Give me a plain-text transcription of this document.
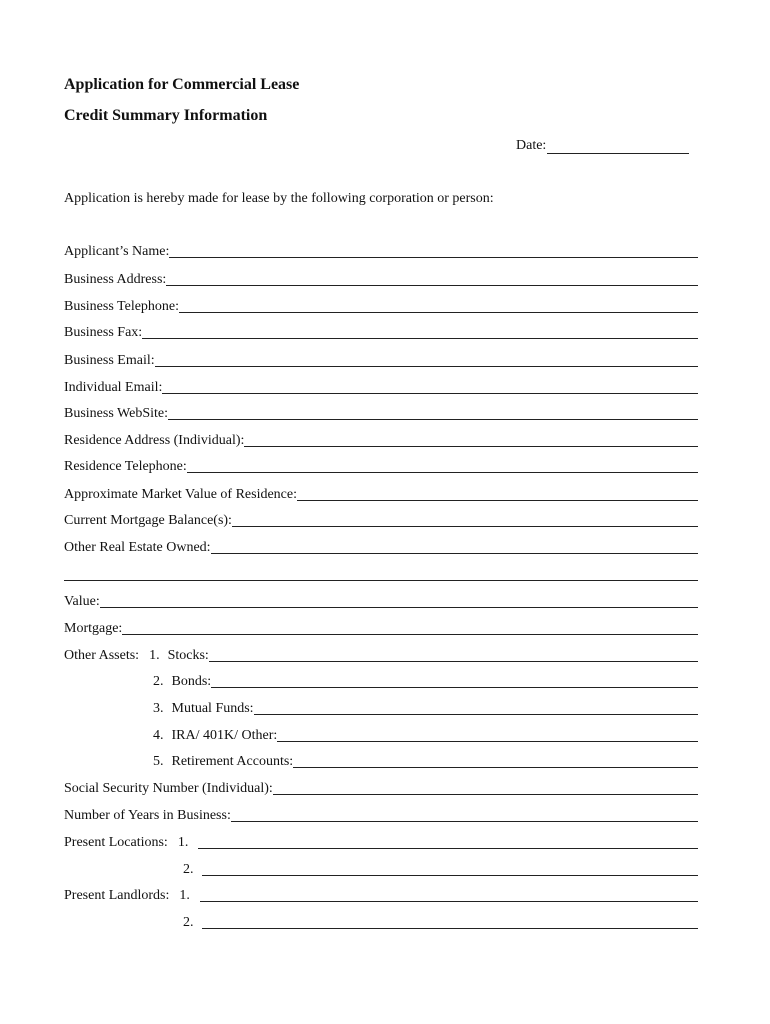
Application for Commercial Lease
Credit Summary Information
Date:
Application is hereby made for lease by the following corporation or person:
Applicant’s Name:
Business Address:
Business Telephone:
Business Fax:
Business Email:
Individual Email:
Business WebSite:
Residence Address (Individual):
Residence Telephone:
Approximate Market Value of Residence:
Current Mortgage Balance(s):
Other Real Estate Owned:
Value:
Mortgage:
Other Assets: 1. Stocks:
2. Bonds:
3. Mutual Funds:
4. IRA/ 401K/ Other:
5. Retirement Accounts:
Social Security Number (Individual):
Number of Years in Business:
Present Locations: 1.
2.
Present Landlords: 1.
2.
